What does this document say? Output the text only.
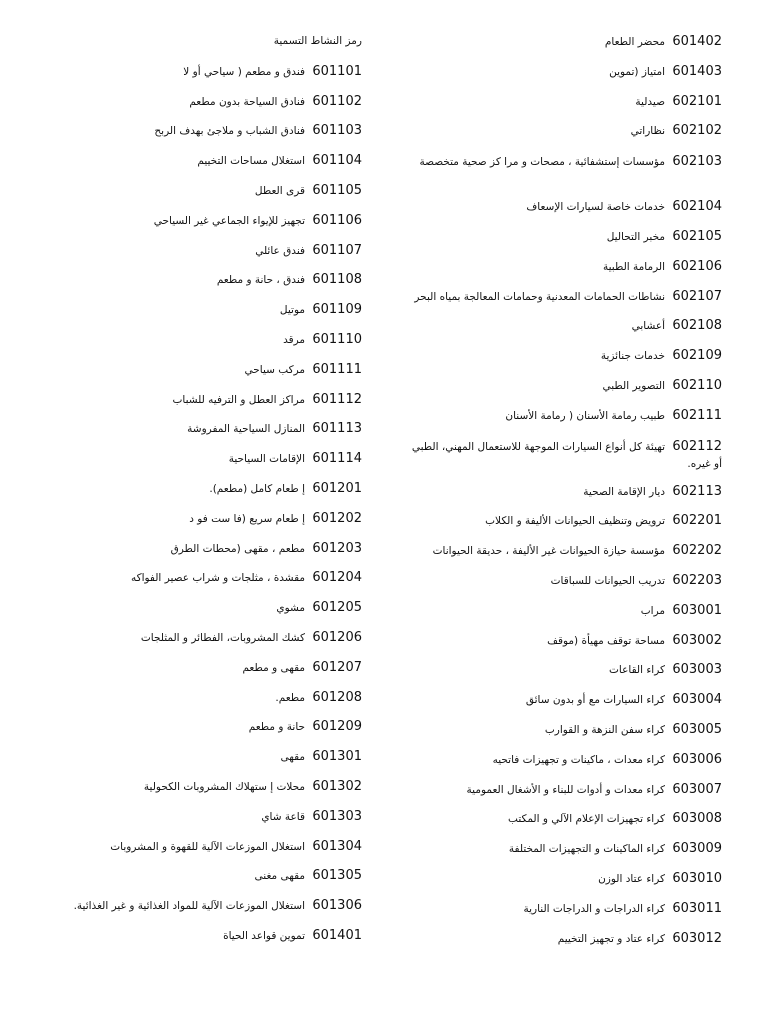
رمز النشاط التسمية
601101 فندق و مطعم ( سياحي أو لا
601102 فنادق السياحة بدون مطعم
601103 فنادق الشباب و ملاجئ بهدف الربح
601104 استغلال مساحات التخييم
601105 قرى العطل
601106 تجهيز للإيواء الجماعي غير السياحي
601107 فندق عائلي
601108 فندق ، حانة و مطعم
601109 موتيل
601110 مرقد
601111 مركب سياحي
601112 مراكز العطل و الترفيه للشباب
601113 المنازل السياحية المفروشة
601114 الإقامات السياحية
601201 إ طعام كامل (مطعم).
601202 إ طعام سريع (فا ست فو د
601203 مطعم ، مقهى (محطات الطرق
601204 مقشدة ، مثلجات و شراب عصير الفواكه
601205 مشوي
601206 كشك المشروبات، الفطائر و المثلجات
601207 مقهى و مطعم
601208 مطعم.
601209 حانة و مطعم
601301 مقهى
601302 محلات إ ستهلاك المشروبات الكحولية
601303 قاعة شاي
601304 استغلال الموزعات الآلية للقهوة و المشروبات
601305 مقهى مغنى
601306 استغلال الموزعات الآلية للمواد الغذائية و غير الغذائية.
601401 تموين قواعد الحياة
601402 محضر الطعام
601403 امتياز (تموين
602101 صيدلية
602102 نظاراتي
602103 مؤسسات إستشفائية ، مصحات و مرا كز صحية متخصصة
602104 خدمات خاصة لسيارات الإسعاف
602105 مخبر التحاليل
602106 الرمامة الطبية
602107 نشاطات الحمامات المعدنية وحمامات المعالجة بمياه البحر
602108 أعشابي
602109 خدمات جنائزية
602110 التصوير الطبي
602111 طبيب رمامة الأسنان ( رمامة الأسنان
602112 تهيئة كل أنواع السيارات الموجهة للاستعمال المهني، الطبي أو غيره.
602113 ديار الإقامة الصحية
602201 ترويض وتنظيف الحيوانات الأليفة و الكلاب
602202 مؤسسة حيازة الحيوانات غير الأليفة ، حديقة الحيوانات
602203 تدريب الحيوانات للسباقات
603001 مراب
603002 مساحة توقف مهيأة (موقف
603003 كراء القاعات
603004 كراء السيارات مع أو بدون سائق
603005 كراء سفن النزهة و القوارب
603006 كراء معدات ، ماكينات و تجهيزات فاتحيه
603007 كراء معدات و أدوات للبناء و الأشغال العمومية
603008 كراء تجهيزات الإعلام الآلي و المكتب
603009 كراء الماكينات و التجهيزات المختلفة
603010 كراء عتاد الوزن
603011 كراء الدراجات و الدراجات النارية
603012 كراء عتاد و تجهيز التخييم
